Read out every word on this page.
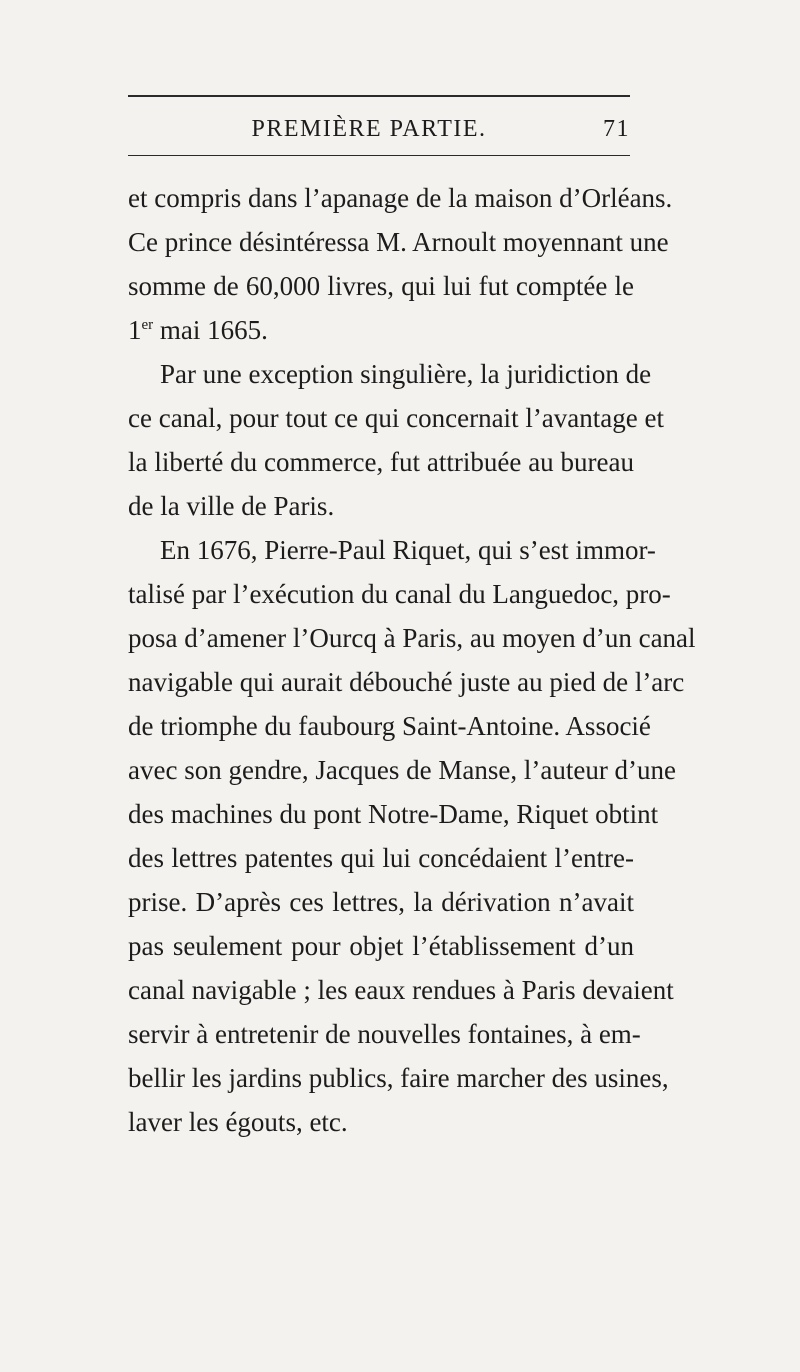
PREMIÈRE PARTIE.	71
et compris dans l’apanage de la maison d’Orléans.
Ce prince désintéressa M. Arnoult moyennant une
somme de 60,000 livres, qui lui fut comptée le
1er mai 1665.
Par une exception singulière, la juridiction de
ce canal, pour tout ce qui concernait l’avantage et
la liberté du commerce, fut attribuée au bureau
de la ville de Paris.
En 1676, Pierre-Paul Riquet, qui s’est immor-
talisé par l’exécution du canal du Languedoc, pro-
posa d’amener l’Ourcq à Paris, au moyen d’un canal
navigable qui aurait débouché juste au pied de l’arc
de triomphe du faubourg Saint-Antoine. Associé
avec son gendre, Jacques de Manse, l’auteur d’une
des machines du pont Notre-Dame, Riquet obtint
des lettres patentes qui lui concédaient l’entre-
prise. D’après ces lettres, la dérivation n’avait
pas seulement pour objet l’établissement d’un
canal navigable ; les eaux rendues à Paris devaient
servir à entretenir de nouvelles fontaines, à em-
bellir les jardins publics, faire marcher des usines,
laver les égouts, etc.
